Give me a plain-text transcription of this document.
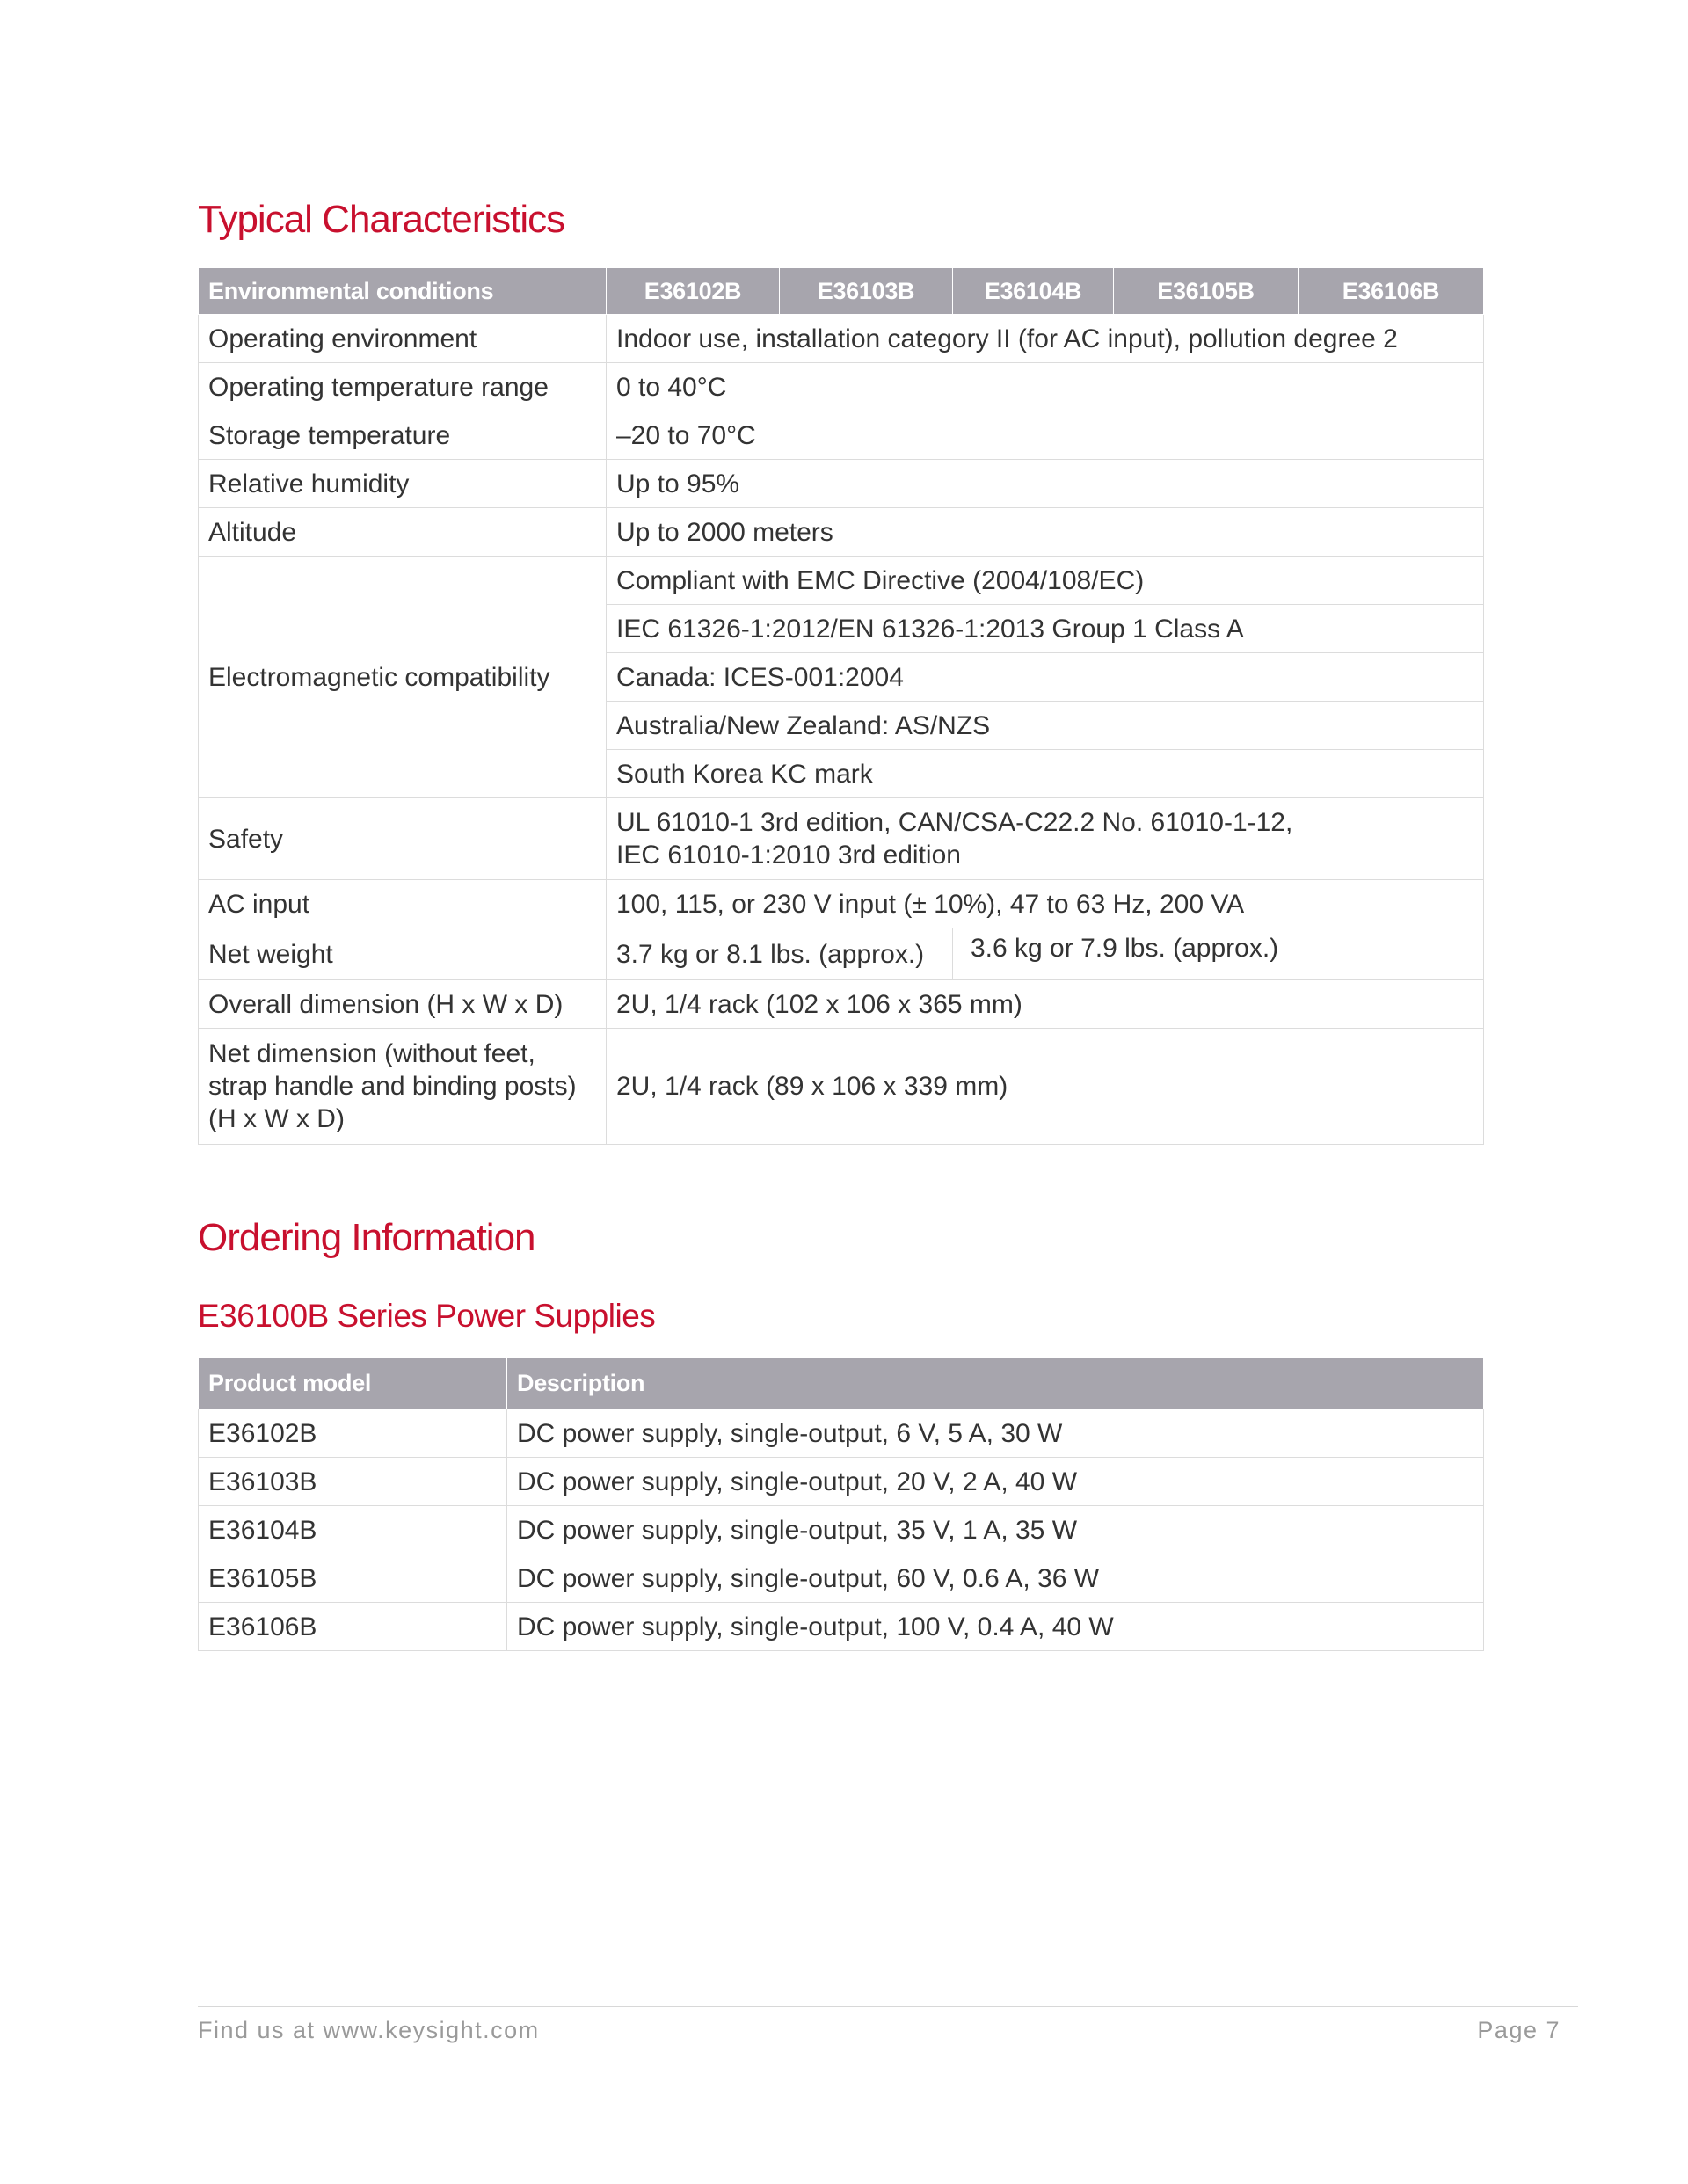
Typical Characteristics
Environmental conditions	E36102B	E36103B	E36104B	E36105B	E36106B
Operating environment	Indoor use, installation category II (for AC input), pollution degree 2				
Operating temperature range	0 to 40°C				
Storage temperature	–20 to 70°C				
Relative humidity	Up to 95%				
Altitude	Up to 2000 meters				
Electromagnetic compatibility	Compliant with EMC Directive (2004/108/EC)				
	IEC 61326-1:2012/EN 61326-1:2013 Group 1 Class A				
	Canada: ICES-001:2004				
	Australia/New Zealand: AS/NZS				
	South Korea KC mark				
Safety	UL 61010-1 3rd edition, CAN/CSA-C22.2 No. 61010-1-12,
IEC 61010-1:2010 3rd edition				

AC input	100, 115, or 230 V input (± 10%), 47 to 63 Hz, 200 VA				
Net weight	3.7 kg or 8.1 lbs. (approx.)		3.6 kg or 7.9 lbs. (approx.)		
Overall dimension (H x W x D)	2U, 1/4 rack (102 x 106 x 365 mm)				

Net dimension (without feet,
strap handle and binding posts)
(H x W x D)	2U, 1/4 rack (89 x 106 x 339 mm)				
Ordering Information
E36100B Series Power Supplies
Product model	Description
E36102B	DC power supply, single-output, 6 V, 5 A, 30 W
E36103B	DC power supply, single-output, 20 V, 2 A, 40 W
E36104B	DC power supply, single-output, 35 V, 1 A, 35 W
E36105B	DC power supply, single-output, 60 V, 0.6 A, 36 W
E36106B	DC power supply, single-output, 100 V, 0.4 A, 40 W
Find us at www.keysight.com	Page 7
